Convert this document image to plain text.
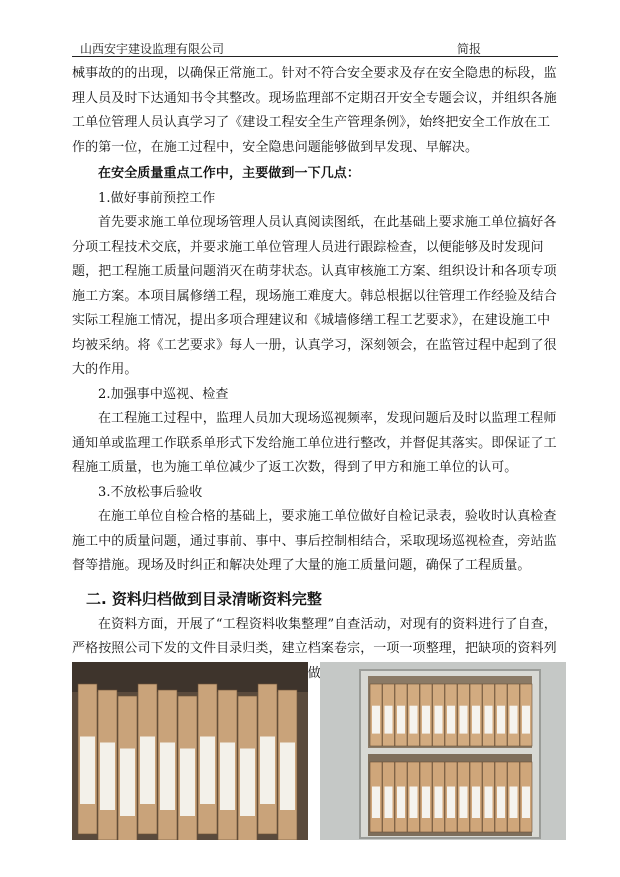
山西安宇建设监理有限公司	简报

械事故的的出现，以确保正常施工。针对不符合安全要求及存在安全隐患的标段，监理人员及时下达通知书令其整改。现场监理部不定期召开安全专题会议，并组织各施工单位管理人员认真学习了《建设工程安全生产管理条例》，始终把安全工作放在工作的第一位，在施工过程中，安全隐患问题能够做到早发现、早解决。

在安全质量重点工作中，主要做到一下几点：

1.做好事前预控工作

首先要求施工单位现场管理人员认真阅读图纸，在此基础上要求施工单位搞好各分项工程技术交底，并要求施工单位管理人员进行跟踪检查，以便能够及时发现问题，把工程施工质量问题消灭在萌芽状态。认真审核施工方案、组织设计和各项专项施工方案。本项目属修缮工程，现场施工难度大。韩总根据以往管理工作经验及结合实际工程施工情况，提出多项合理建议和《城墙修缮工程工艺要求》，在建设施工中均被采纳。将《工艺要求》每人一册，认真学习，深刻领会，在监管过程中起到了很大的作用。

2.加强事中巡视、检查

在工程施工过程中，监理人员加大现场巡视频率，发现问题后及时以监理工程师通知单或监理工作联系单形式下发给施工单位进行整改，并督促其落实。即保证了工程施工质量，也为施工单位减少了返工次数，得到了甲方和施工单位的认可。

3.不放松事后验收

在施工单位自检合格的基础上，要求施工单位做好自检记录表，验收时认真检查施工中的质量问题，通过事前、事中、事后控制相结合，采取现场巡视检查，旁站监督等措施。现场及时纠正和解决处理了大量的施工质量问题，确保了工程质量。

二. 资料归档做到目录清晰资料完整

在资料方面，开展了“工程资料收集整理”自查活动，对现有的资料进行了自查，严格按照公司下发的文件目录归类，建立档案卷宗，一项一项整理，把缺项的资料列 做
